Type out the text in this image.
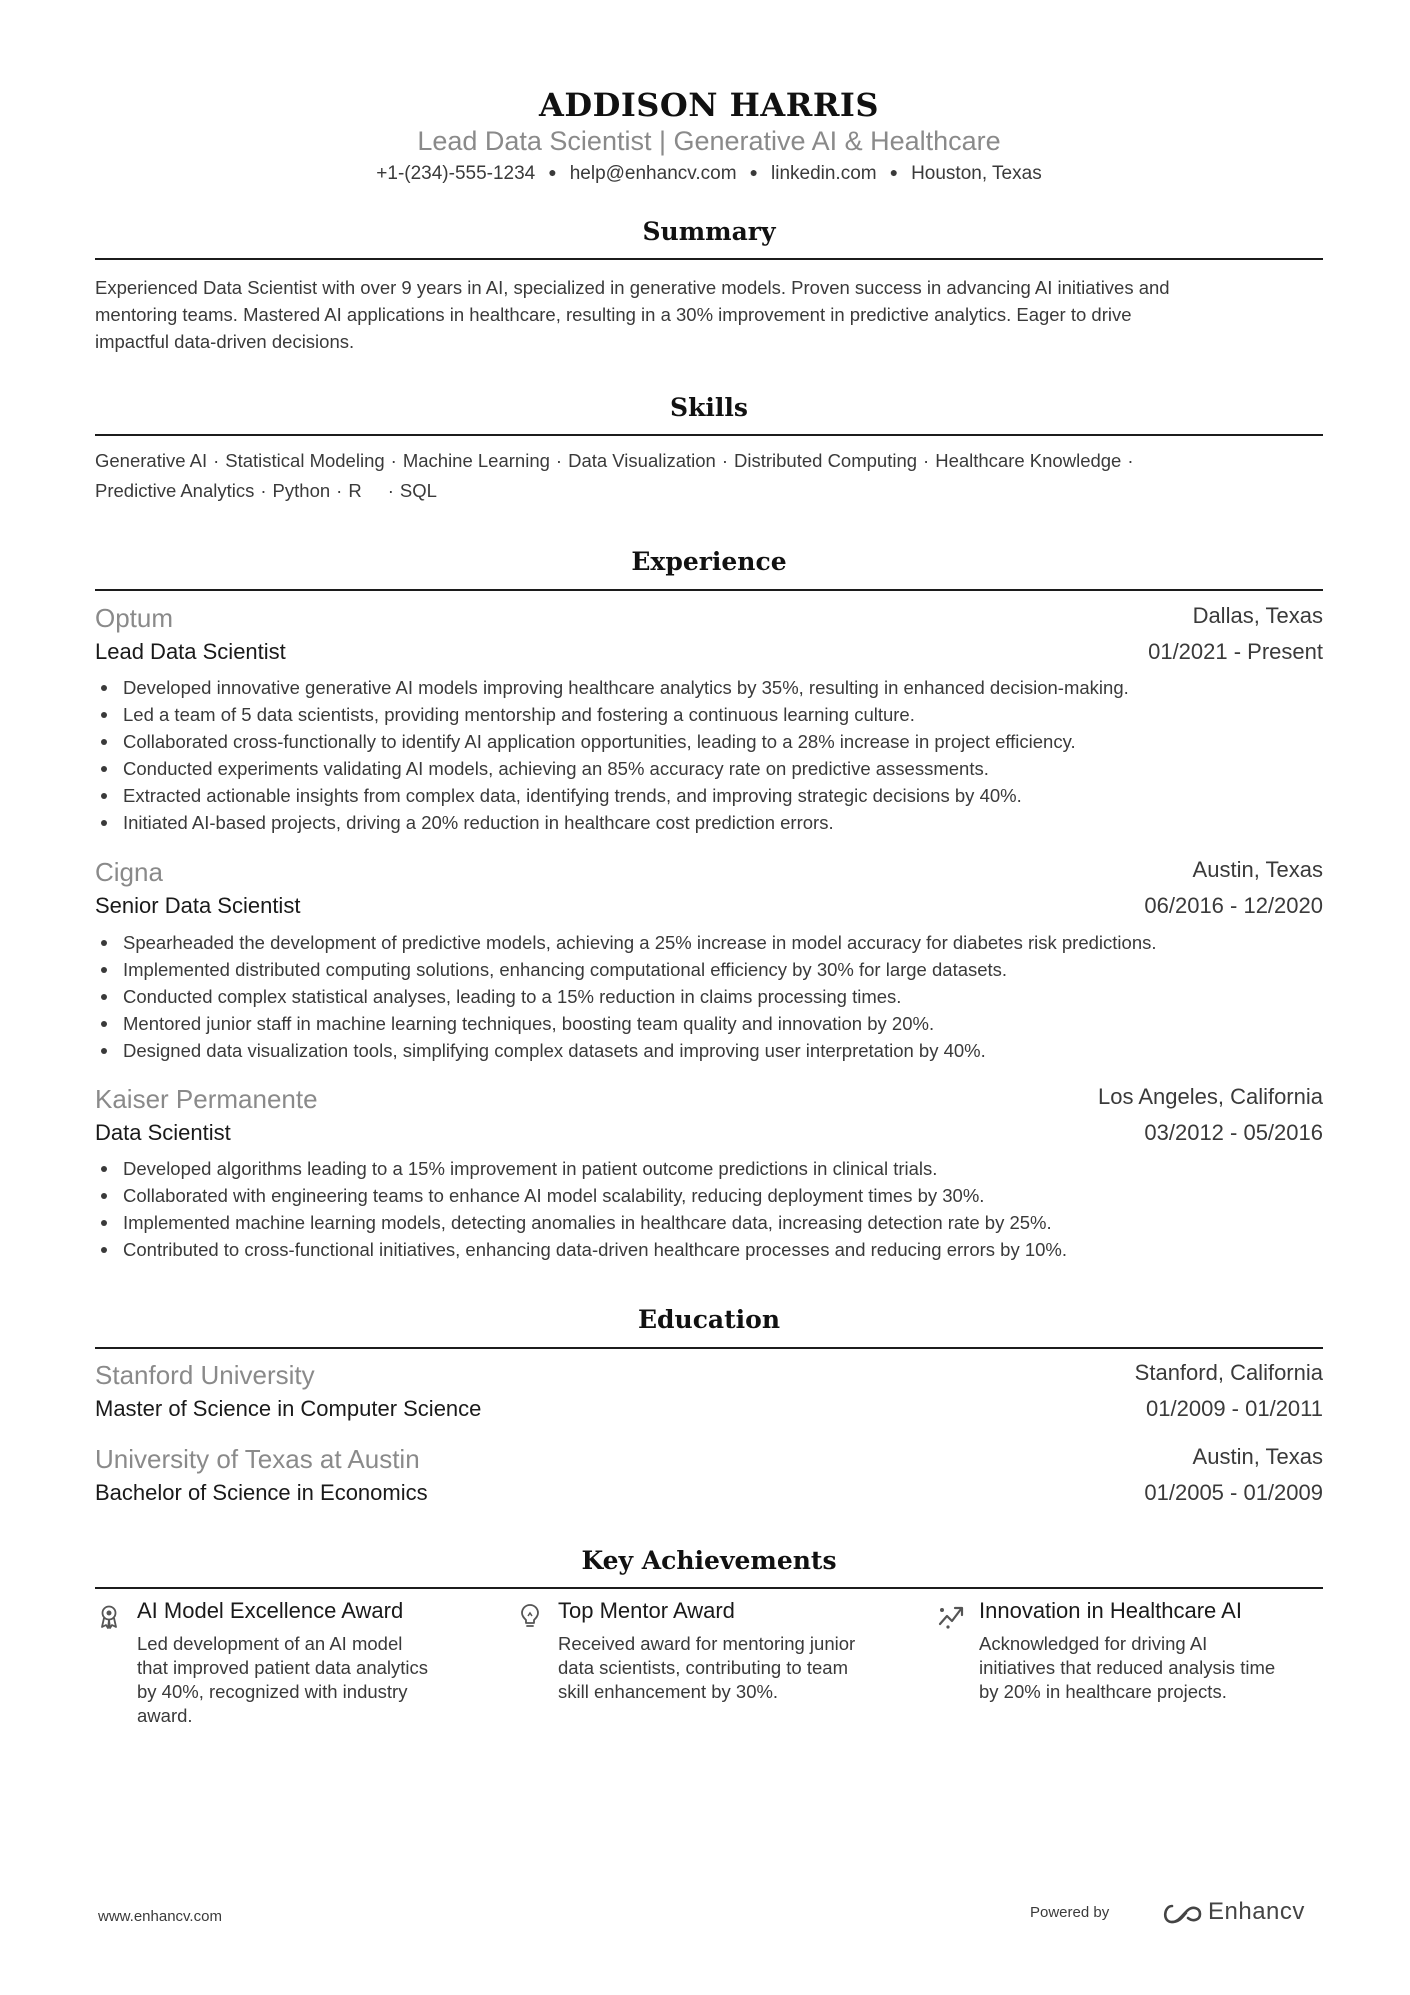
ADDISON HARRIS
Lead Data Scientist | Generative AI & Healthcare
+1-(234)-555-1234 ● help@enhancv.com ● linkedin.com ● Houston, Texas
Summary
Experienced Data Scientist with over 9 years in AI, specialized in generative models. Proven success in advancing AI initiatives and
mentoring teams. Mastered AI applications in healthcare, resulting in a 30% improvement in predictive analytics. Eager to drive
impactful data-driven decisions.
Skills
Generative AI · Statistical Modeling · Machine Learning · Data Visualization · Distributed Computing · Healthcare Knowledge ·
Predictive Analytics · Python · R · SQL
Experience
Optum	Dallas, Texas
Lead Data Scientist	01/2021 - Present
Developed innovative generative AI models improving healthcare analytics by 35%, resulting in enhanced decision-making.
Led a team of 5 data scientists, providing mentorship and fostering a continuous learning culture.
Collaborated cross-functionally to identify AI application opportunities, leading to a 28% increase in project efficiency.
Conducted experiments validating AI models, achieving an 85% accuracy rate on predictive assessments.
Extracted actionable insights from complex data, identifying trends, and improving strategic decisions by 40%.
Initiated AI-based projects, driving a 20% reduction in healthcare cost prediction errors.
Cigna	Austin, Texas
Senior Data Scientist	06/2016 - 12/2020
Spearheaded the development of predictive models, achieving a 25% increase in model accuracy for diabetes risk predictions.
Implemented distributed computing solutions, enhancing computational efficiency by 30% for large datasets.
Conducted complex statistical analyses, leading to a 15% reduction in claims processing times.
Mentored junior staff in machine learning techniques, boosting team quality and innovation by 20%.
Designed data visualization tools, simplifying complex datasets and improving user interpretation by 40%.
Kaiser Permanente	Los Angeles, California
Data Scientist	03/2012 - 05/2016
Developed algorithms leading to a 15% improvement in patient outcome predictions in clinical trials.
Collaborated with engineering teams to enhance AI model scalability, reducing deployment times by 30%.
Implemented machine learning models, detecting anomalies in healthcare data, increasing detection rate by 25%.
Contributed to cross-functional initiatives, enhancing data-driven healthcare processes and reducing errors by 10%.
Education
Stanford University	Stanford, California
Master of Science in Computer Science	01/2009 - 01/2011
University of Texas at Austin	Austin, Texas
Bachelor of Science in Economics	01/2005 - 01/2009
Key Achievements
AI Model Excellence Award
Led development of an AI model
that improved patient data analytics
by 40%, recognized with industry
award.
Top Mentor Award
Received award for mentoring junior
data scientists, contributing to team
skill enhancement by 30%.
Innovation in Healthcare AI
Acknowledged for driving AI
initiatives that reduced analysis time
by 20% in healthcare projects.
www.enhancv.com	Powered by	Enhancv
